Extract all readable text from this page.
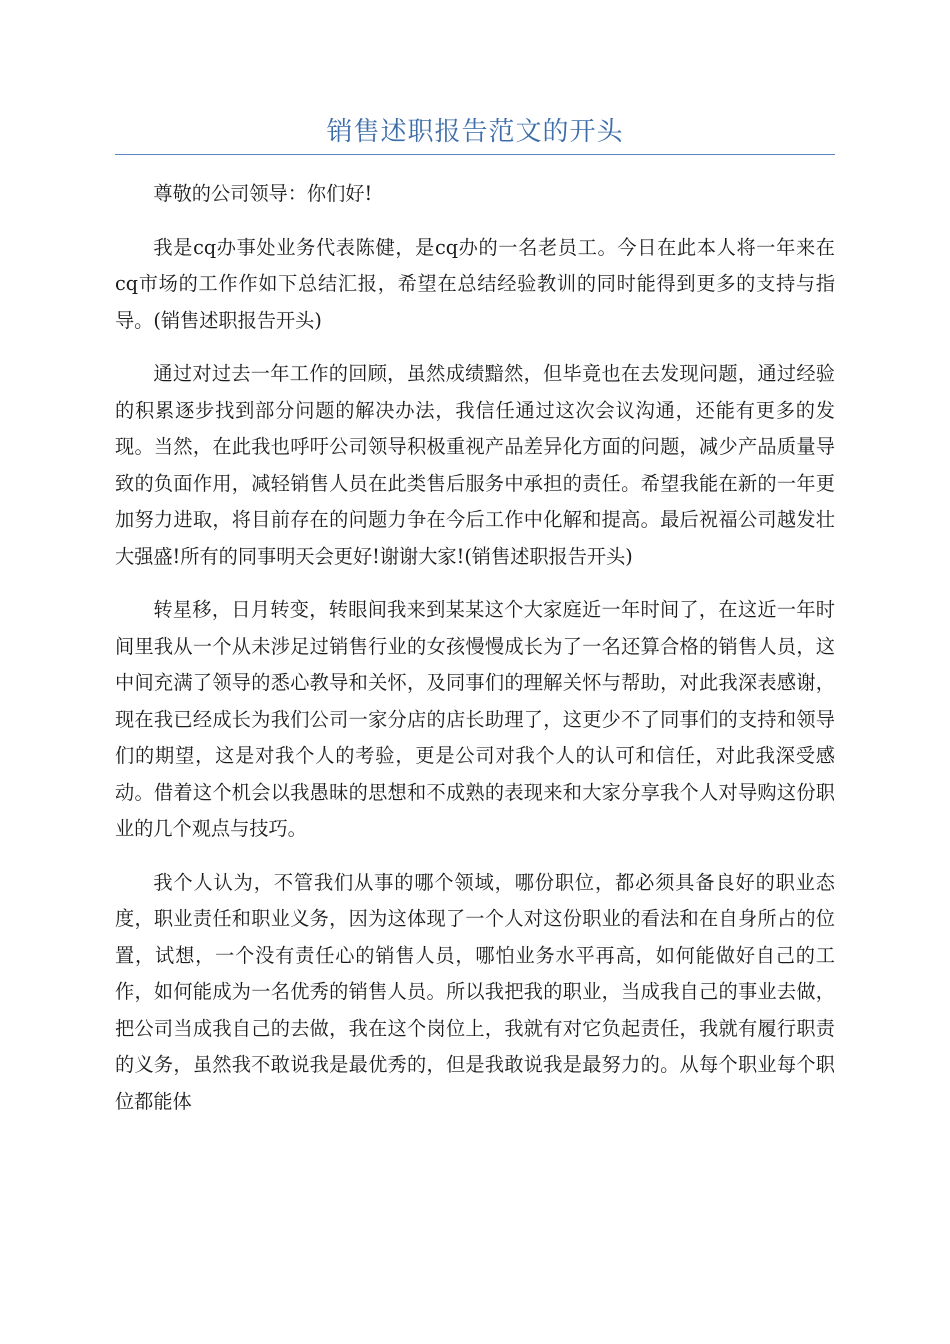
销售述职报告范文的开头

尊敬的公司领导：你们好!

我是cq办事处业务代表陈健，是cq办的一名老员工。今日在此本人将一年来在cq市场的工作作如下总结汇报，希望在总结经验教训的同时能得到更多的支持与指导。(销售述职报告开头)

通过对过去一年工作的回顾，虽然成绩黯然，但毕竟也在去发现问题，通过经验的积累逐步找到部分问题的解决办法，我信任通过这次会议沟通，还能有更多的发现。当然，在此我也呼吁公司领导积极重视产品差异化方面的问题，减少产品质量导致的负面作用，减轻销售人员在此类售后服务中承担的责任。希望我能在新的一年更加努力进取，将目前存在的问题力争在今后工作中化解和提高。最后祝福公司越发壮大强盛!所有的同事明天会更好!谢谢大家!(销售述职报告开头)

转星移，日月转变，转眼间我来到某某这个大家庭近一年时间了，在这近一年时间里我从一个从未涉足过销售行业的女孩慢慢成长为了一名还算合格的销售人员，这中间充满了领导的悉心教导和关怀，及同事们的理解关怀与帮助，对此我深表感谢，现在我已经成长为我们公司一家分店的店长助理了，这更少不了同事们的支持和领导们的期望，这是对我个人的考验，更是公司对我个人的认可和信任，对此我深受感动。借着这个机会以我愚昧的思想和不成熟的表现来和大家分享我个人对导购这份职业的几个观点与技巧。

我个人认为，不管我们从事的哪个领域，哪份职位，都必须具备良好的职业态度，职业责任和职业义务，因为这体现了一个人对这份职业的看法和在自身所占的位置，试想，一个没有责任心的销售人员，哪怕业务水平再高，如何能做好自己的工作，如何能成为一名优秀的销售人员。所以我把我的职业，当成我自己的事业去做，把公司当成我自己的去做，我在这个岗位上，我就有对它负起责任，我就有履行职责的义务，虽然我不敢说我是最优秀的，但是我敢说我是最努力的。从每个职业每个职位都能体
